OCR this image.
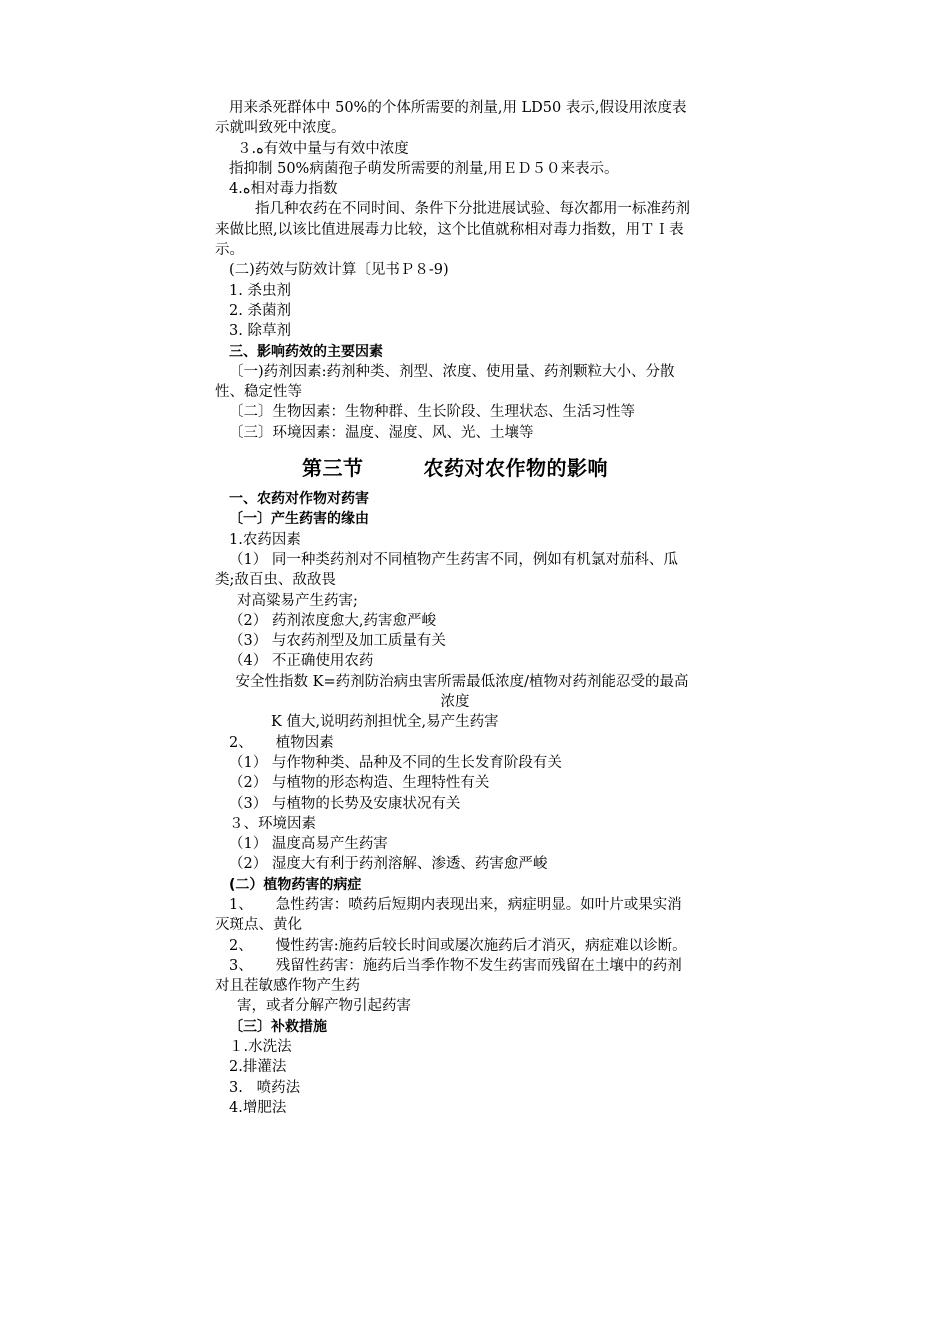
用来杀死群体中 50%的个体所需要的剂量,用 LD50 表示,假设用浓度表示就叫致死中浓度。

３.ﻩ有效中量与有效中浓度

指抑制 50%病菌孢子萌发所需要的剂量,用ＥＤ５０来表示。

4.ﻩ相对毒力指数

指几种农药在不同时间、条件下分批进展试验、每次都用一标准药剂来做比照,以该比值进展毒力比较，这个比值就称相对毒力指数，用ＴＩ表示。

(二)药效与防效计算〔见书Ｐ８-9)

1. 杀虫剂

2. 杀菌剂

3. 除草剂

三、影响药效的主要因素

〔一)药剂因素:药剂种类、剂型、浓度、使用量、药剂颗粒大小、分散性、稳定性等

〔二〕生物因素：生物种群、生长阶段、生理状态、生活习性等

〔三〕环境因素：温度、湿度、风、光、土壤等

第三节	农药对农作物的影响

一、农药对作物对药害

〔一〕产生药害的缘由

1.农药因素

（1） 同一种类药剂对不同植物产生药害不同，例如有机氯对茄科、瓜类;敌百虫、敌敌畏

对高粱易产生药害;

（2） 药剂浓度愈大,药害愈严峻

（3） 与农药剂型及加工质量有关

（4） 不正确使用农药

安全性指数 K=药剂防治病虫害所需最低浓度/植物对药剂能忍受的最高浓度

K 值大,说明药剂担忧全,易产生药害

2、     植物因素

（1） 与作物种类、品种及不同的生长发育阶段有关

（2） 与植物的形态构造、生理特性有关

（3） 与植物的长势及安康状况有关

３、环境因素

（1） 温度高易产生药害

（2） 湿度大有利于药剂溶解、渗透、药害愈严峻

(二）植物药害的病症

1、     急性药害：喷药后短期内表现出来，病症明显。如叶片或果实消灭斑点、黄化

2、     慢性药害:施药后较长时间或屡次施药后才消灭，病症难以诊断。

3、     残留性药害：施药后当季作物不发生药害而残留在土壤中的药剂对且茬敏感作物产生药

害，或者分解产物引起药害

〔三〕补救措施

１.水洗法

2.排灌法

3.   喷药法

4.增肥法
